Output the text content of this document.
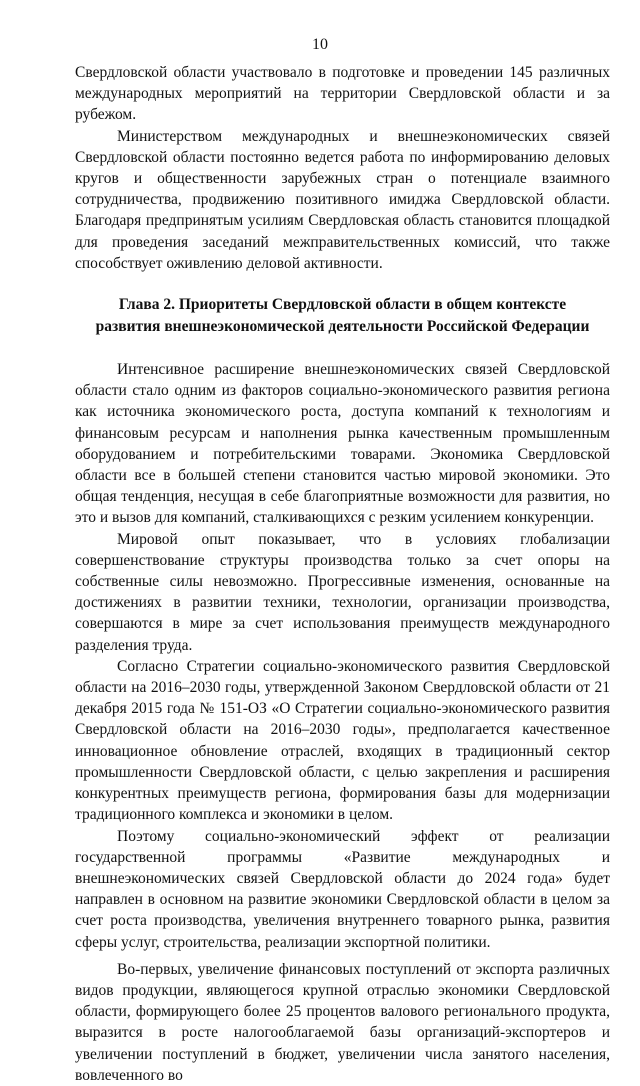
10

Свердловской области участвовало в подготовке и проведении 145 различных международных мероприятий на территории Свердловской области и за рубежом.

Министерством международных и внешнеэкономических связей Свердловской области постоянно ведется работа по информированию деловых кругов и общественности зарубежных стран о потенциале взаимного сотрудничества, продвижению позитивного имиджа Свердловской области. Благодаря предпринятым усилиям Свердловская область становится площадкой для проведения заседаний межправительственных комиссий, что также способствует оживлению деловой активности.

Глава 2. Приоритеты Свердловской области в общем контексте
развития внешнеэкономической деятельности Российской Федерации

Интенсивное расширение внешнеэкономических связей Свердловской области стало одним из факторов социально-экономического развития региона как источника экономического роста, доступа компаний к технологиям и финансовым ресурсам и наполнения рынка качественным промышленным оборудованием и потребительскими товарами. Экономика Свердловской области все в большей степени становится частью мировой экономики. Это общая тенденция, несущая в себе благоприятные возможности для развития, но это и вызов для компаний, сталкивающихся с резким усилением конкуренции.

Мировой опыт показывает, что в условиях глобализации совершенствование структуры производства только за счет опоры на собственные силы невозможно. Прогрессивные изменения, основанные на достижениях в развитии техники, технологии, организации производства, совершаются в мире за счет использования преимуществ международного разделения труда.

Согласно Стратегии социально-экономического развития Свердловской области на 2016–2030 годы, утвержденной Законом Свердловской области от 21 декабря 2015 года № 151-ОЗ «О Стратегии социально-экономического развития Свердловской области на 2016–2030 годы», предполагается качественное инновационное обновление отраслей, входящих в традиционный сектор промышленности Свердловской области, с целью закрепления и расширения конкурентных преимуществ региона, формирования базы для модернизации традиционного комплекса и экономики в целом.

Поэтому социально-экономический эффект от реализации государственной программы «Развитие международных и внешнеэкономических связей Свердловской области до 2024 года» будет направлен в основном на развитие экономики Свердловской области в целом за счет роста производства, увеличения внутреннего товарного рынка, развития сферы услуг, строительства, реализации экспортной политики.

Во-первых, увеличение финансовых поступлений от экспорта различных видов продукции, являющегося крупной отраслью экономики Свердловской области, формирующего более 25 процентов валового регионального продукта, выразится в росте налогооблагаемой базы организаций-экспортеров и увеличении поступлений в бюджет, увеличении числа занятого населения, вовлеченного во
